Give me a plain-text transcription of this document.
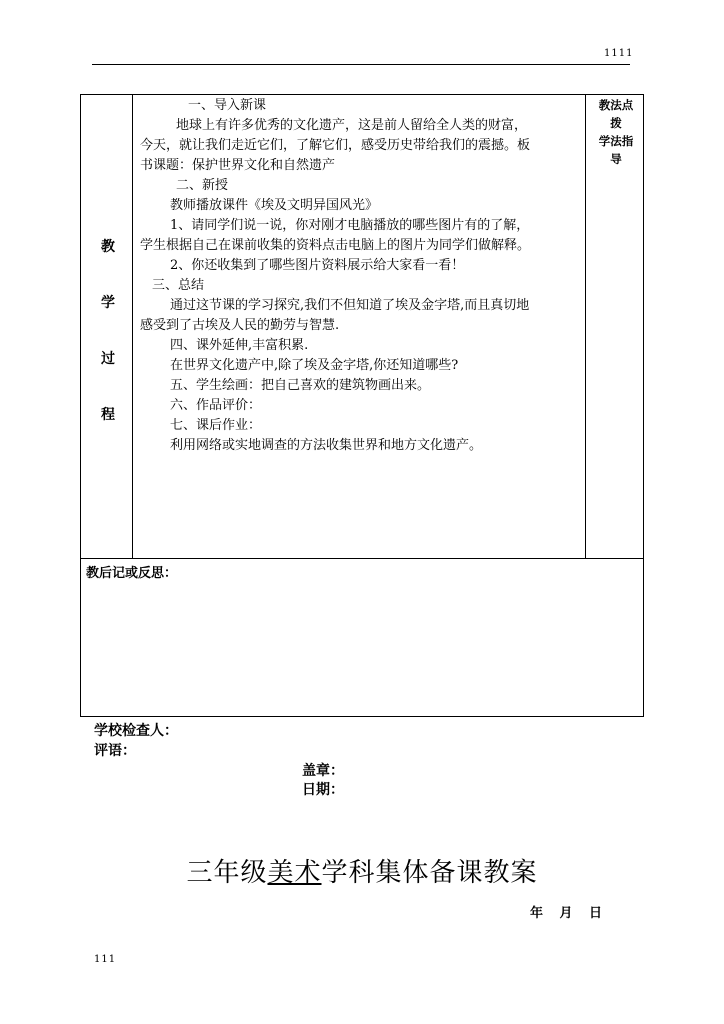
1111
教
学
过
程
教法点
拨
学法指
导
一、导入新课
地球上有许多优秀的文化遗产，这是前人留给全人类的财富，
今天，就让我们走近它们，了解它们，感受历史带给我们的震撼。板
书课题：保护世界文化和自然遗产
二、新授
教师播放课件《埃及文明异国风光》
1、请同学们说一说，你对刚才电脑播放的哪些图片有的了解，
学生根据自己在课前收集的资料点击电脑上的图片为同学们做解释。
2、你还收集到了哪些图片资料展示给大家看一看！
三、总结
通过这节课的学习探究,我们不但知道了埃及金字塔,而且真切地
感受到了古埃及人民的勤劳与智慧.
四、课外延伸,丰富积累.
在世界文化遗产中,除了埃及金字塔,你还知道哪些?
五、学生绘画：把自己喜欢的建筑物画出来。
六、作品评价：
七、课后作业：
利用网络或实地调查的方法收集世界和地方文化遗产。
教后记或反思：
学校检查人：
评语：
盖章：
日期：
三年级美术学科集体备课教案
年 月 日
111
